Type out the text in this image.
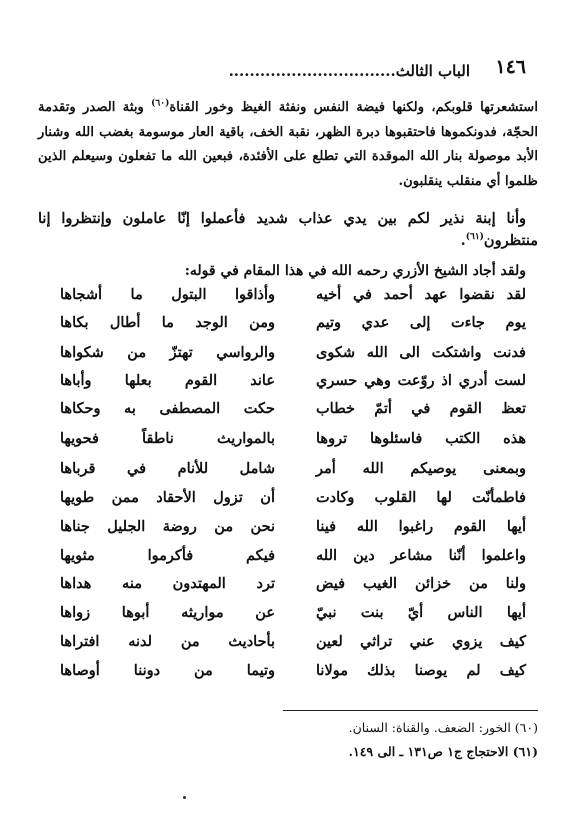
١٤٦
الباب الثالث................................
استشعرتها قلوبكم، ولكنها فيضة النفس ونفثة الغيظ وخور القناة$^{(٦٠)}$ وبثة الصدر وتقدمة الحجّة، فدونكموها فاحتقبوها دبرة الظهر، نقبة الخف، باقية العار موسومة بغضب الله وشنار الأبد موصولة بنار الله الموقدة التي تطلع على الأفئدة، فبعين الله ما تفعلون وسيعلم الذين ظلموا أي منقلب ينقلبون.
وأنا إبنة نذير لكم بين يدي عذاب شديد فأعملوا إنّا عاملون وإنتظروا إنا منتظرون$^{(٦١)}$.
ولقد أجاد الشيخ الأزري رحمه الله في هذا المقام في قوله:
لقد نقضوا عهد أحمد في أخيه
وأذاقوا البتول ما أشجاها
يوم جاءت إلى عدي وتيم
ومن الوجد ما أطال بكاها
فدنت واشتكت الى الله شكوى
والرواسي تهتزّ من شكواها
لست أدري اذ روّعت وهي حسري
عاند القوم بعلها وأباها
تعظ القوم في أتمّ خطاب
حكت المصطفى به وحكاها
هذه الكتب فاسئلوها تروها
بالمواريث ناطقاً فحويها
وبمعنى يوصيكم الله أمر
شامل للأنام في قرباها
فاطمأنّت لها القلوب وكادت
أن تزول الأحقاد ممن طويها
أيها القوم راغبوا الله فينا
نحن من روضة الجليل جناها
واعلموا أنّنا مشاعر دين الله
فيكم فأكرموا مثويها
ولنا من خزائن الغيب فيض
ترد المهتدون منه هداها
أيها الناس أيّ بنت نبيّ
عن مواريثه أبوها زواها
كيف يزوي عني تراثي لعين
بأحاديث من لدنه افتراها
كيف لم يوصنا بذلك مولانا
وتيما من دوننا أوصاها
(٦٠) الخور: الضعف. والقناة: السنان.
(٦١) الاحتجاج ج١ ص١٣١ ـ الى ١٤٩.
